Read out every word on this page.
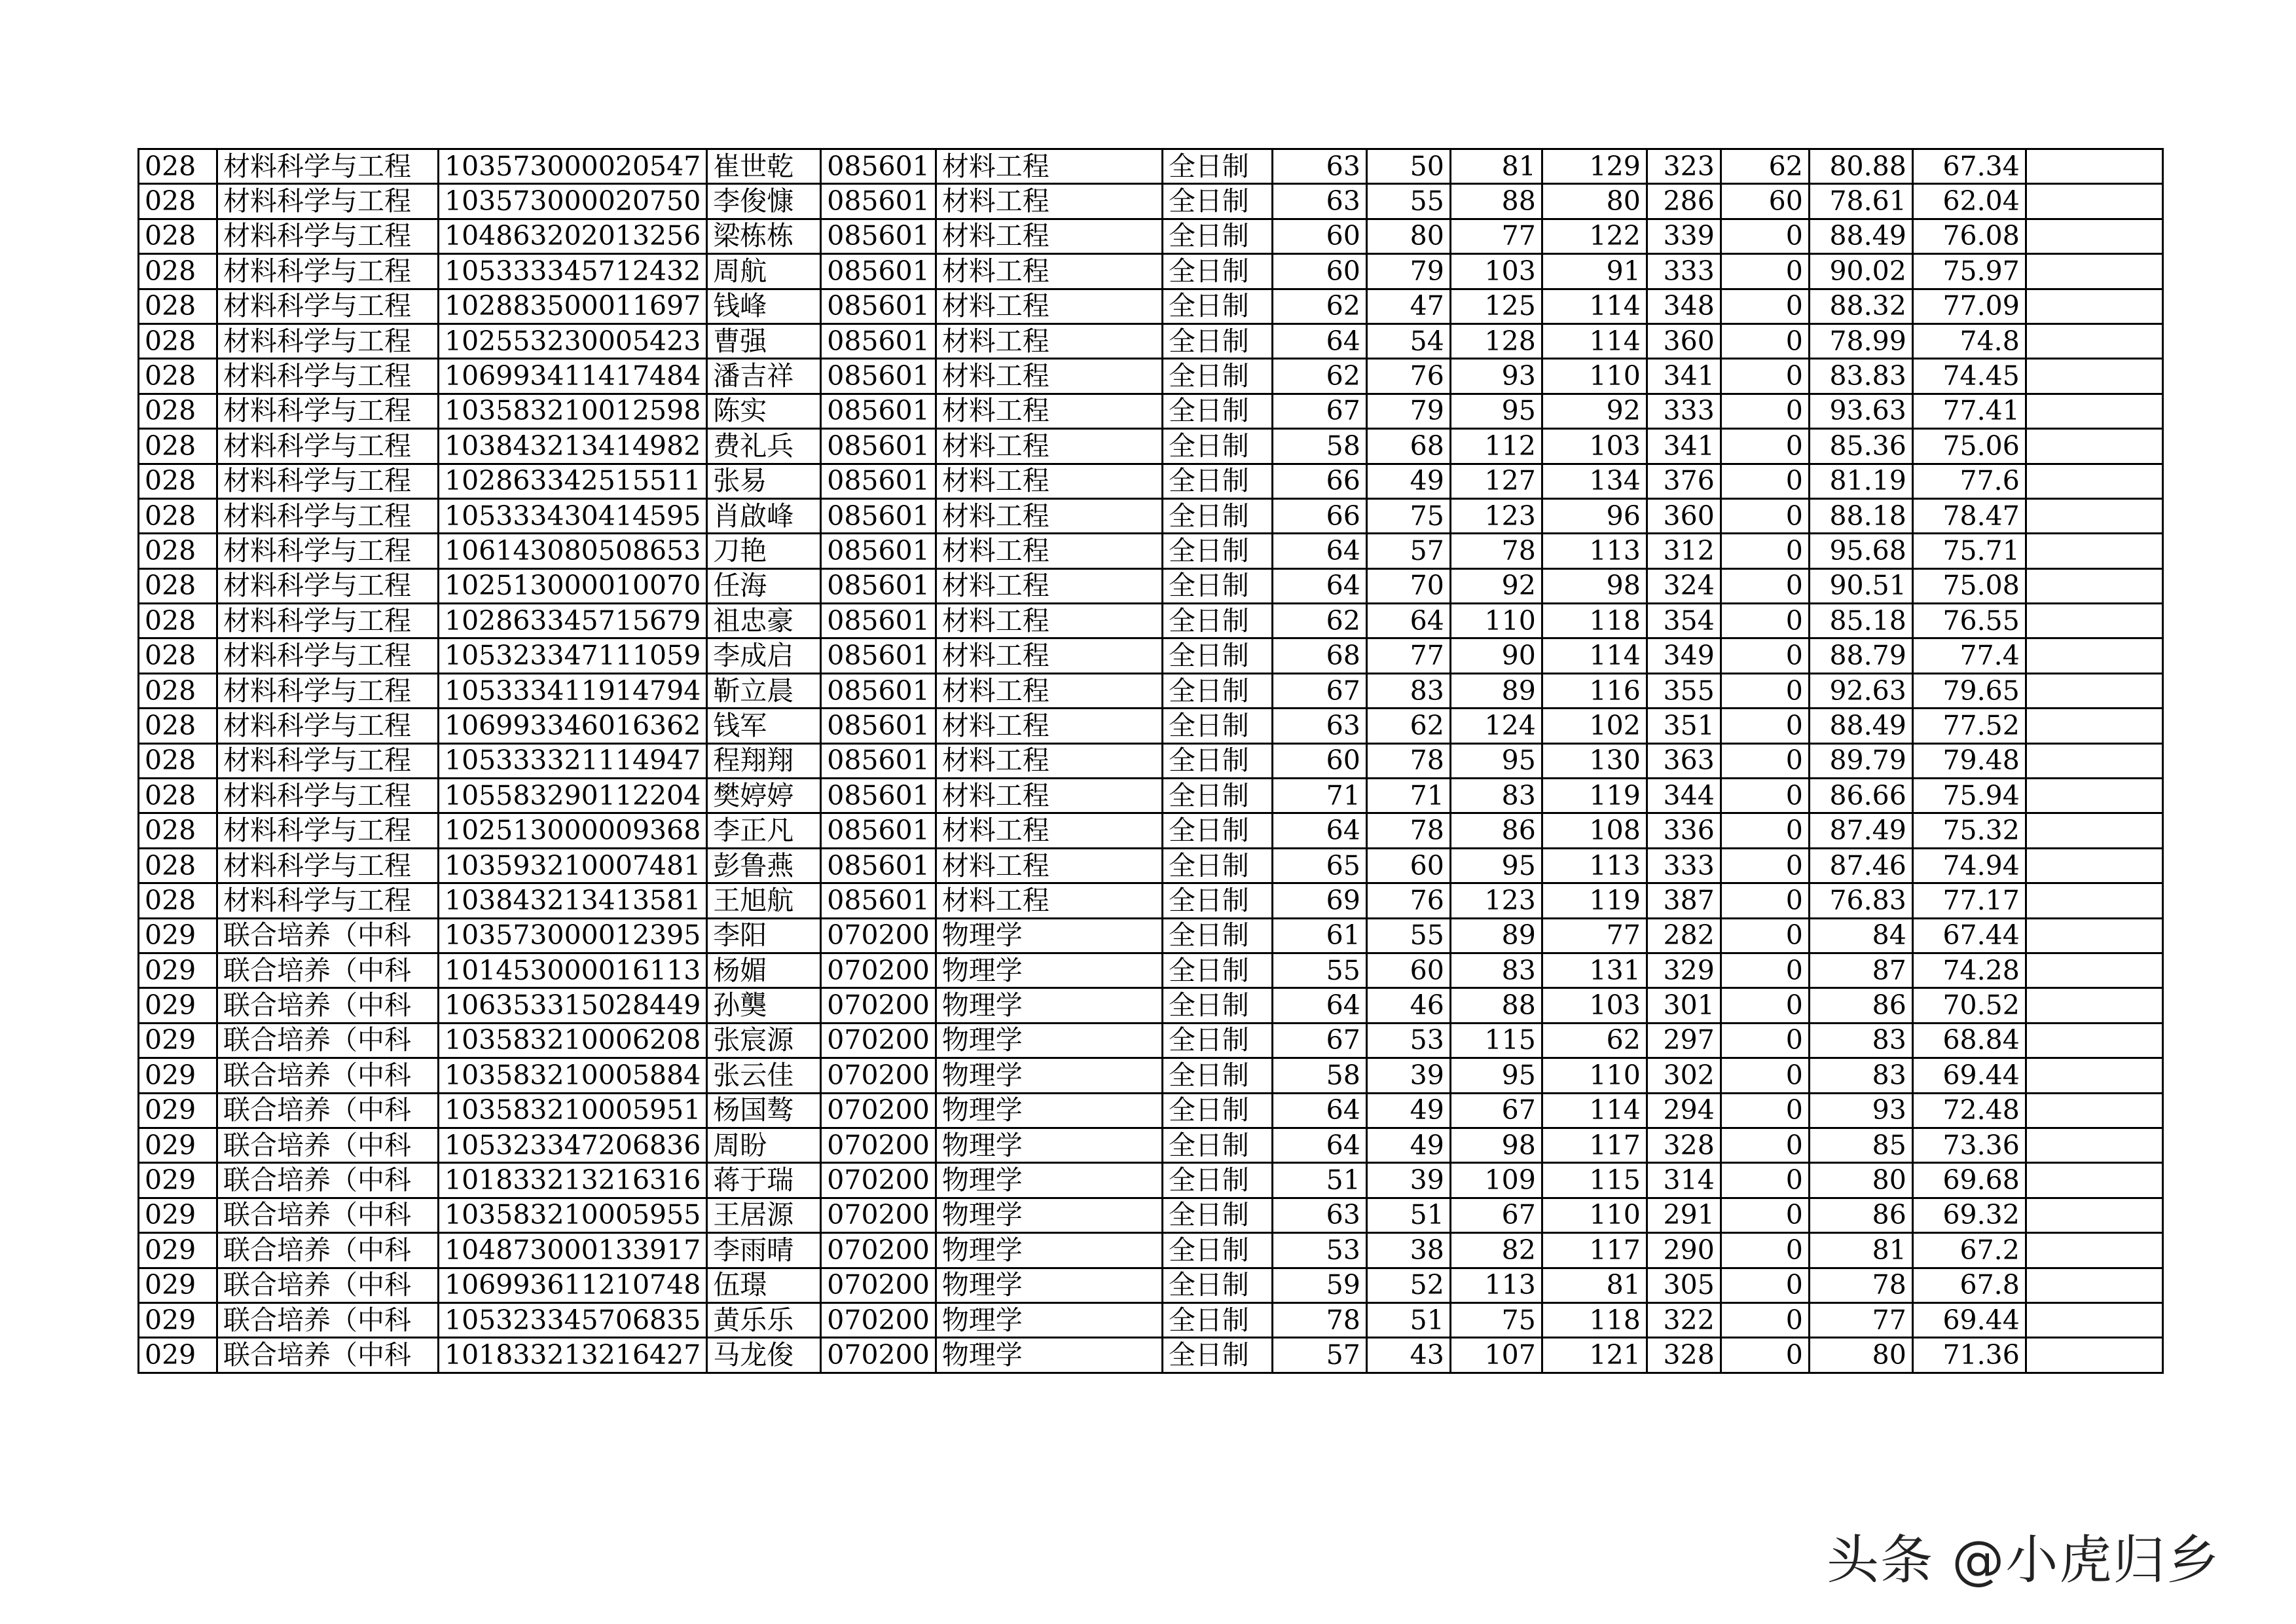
028	材料科学与工程	103573000020547	崔世乾	085601	材料工程	全日制	63	50	81	129	323	62	80.88	67.34	
028	材料科学与工程	103573000020750	李俊慷	085601	材料工程	全日制	63	55	88	80	286	60	78.61	62.04	
028	材料科学与工程	104863202013256	梁栋栋	085601	材料工程	全日制	60	80	77	122	339	0	88.49	76.08	
028	材料科学与工程	105333345712432	周航	085601	材料工程	全日制	60	79	103	91	333	0	90.02	75.97	
028	材料科学与工程	102883500011697	钱峰	085601	材料工程	全日制	62	47	125	114	348	0	88.32	77.09	
028	材料科学与工程	102553230005423	曹强	085601	材料工程	全日制	64	54	128	114	360	0	78.99	74.8	
028	材料科学与工程	106993411417484	潘吉祥	085601	材料工程	全日制	62	76	93	110	341	0	83.83	74.45	
028	材料科学与工程	103583210012598	陈实	085601	材料工程	全日制	67	79	95	92	333	0	93.63	77.41	
028	材料科学与工程	103843213414982	费礼兵	085601	材料工程	全日制	58	68	112	103	341	0	85.36	75.06	
028	材料科学与工程	102863342515511	张易	085601	材料工程	全日制	66	49	127	134	376	0	81.19	77.6	
028	材料科学与工程	105333430414595	肖啟峰	085601	材料工程	全日制	66	75	123	96	360	0	88.18	78.47	
028	材料科学与工程	106143080508653	刀艳	085601	材料工程	全日制	64	57	78	113	312	0	95.68	75.71	
028	材料科学与工程	102513000010070	任海	085601	材料工程	全日制	64	70	92	98	324	0	90.51	75.08	
028	材料科学与工程	102863345715679	祖忠豪	085601	材料工程	全日制	62	64	110	118	354	0	85.18	76.55	
028	材料科学与工程	105323347111059	李成启	085601	材料工程	全日制	68	77	90	114	349	0	88.79	77.4	
028	材料科学与工程	105333411914794	靳立晨	085601	材料工程	全日制	67	83	89	116	355	0	92.63	79.65	
028	材料科学与工程	106993346016362	钱军	085601	材料工程	全日制	63	62	124	102	351	0	88.49	77.52	
028	材料科学与工程	105333321114947	程翔翔	085601	材料工程	全日制	60	78	95	130	363	0	89.79	79.48	
028	材料科学与工程	105583290112204	樊婷婷	085601	材料工程	全日制	71	71	83	119	344	0	86.66	75.94	
028	材料科学与工程	102513000009368	李正凡	085601	材料工程	全日制	64	78	86	108	336	0	87.49	75.32	
028	材料科学与工程	103593210007481	彭鲁燕	085601	材料工程	全日制	65	60	95	113	333	0	87.46	74.94	
028	材料科学与工程	103843213413581	王旭航	085601	材料工程	全日制	69	76	123	119	387	0	76.83	77.17	
029	联合培养（中科	103573000012395	李阳	070200	物理学	全日制	61	55	89	77	282	0	84	67.44	
029	联合培养（中科	101453000016113	杨媚	070200	物理学	全日制	55	60	83	131	329	0	87	74.28	
029	联合培养（中科	106353315028449	孙龑	070200	物理学	全日制	64	46	88	103	301	0	86	70.52	
029	联合培养（中科	103583210006208	张宸源	070200	物理学	全日制	67	53	115	62	297	0	83	68.84	
029	联合培养（中科	103583210005884	张云佳	070200	物理学	全日制	58	39	95	110	302	0	83	69.44	
029	联合培养（中科	103583210005951	杨国骜	070200	物理学	全日制	64	49	67	114	294	0	93	72.48	
029	联合培养（中科	105323347206836	周盼	070200	物理学	全日制	64	49	98	117	328	0	85	73.36	
029	联合培养（中科	101833213216316	蒋于瑞	070200	物理学	全日制	51	39	109	115	314	0	80	69.68	
029	联合培养（中科	103583210005955	王居源	070200	物理学	全日制	63	51	67	110	291	0	86	69.32	
029	联合培养（中科	104873000133917	李雨晴	070200	物理学	全日制	53	38	82	117	290	0	81	67.2	
029	联合培养（中科	106993611210748	伍璟	070200	物理学	全日制	59	52	113	81	305	0	78	67.8	
029	联合培养（中科	105323345706835	黄乐乐	070200	物理学	全日制	78	51	75	118	322	0	77	69.44	
029	联合培养（中科	101833213216427	马龙俊	070200	物理学	全日制	57	43	107	121	328	0	80	71.36	
头条 @小虎归乡
